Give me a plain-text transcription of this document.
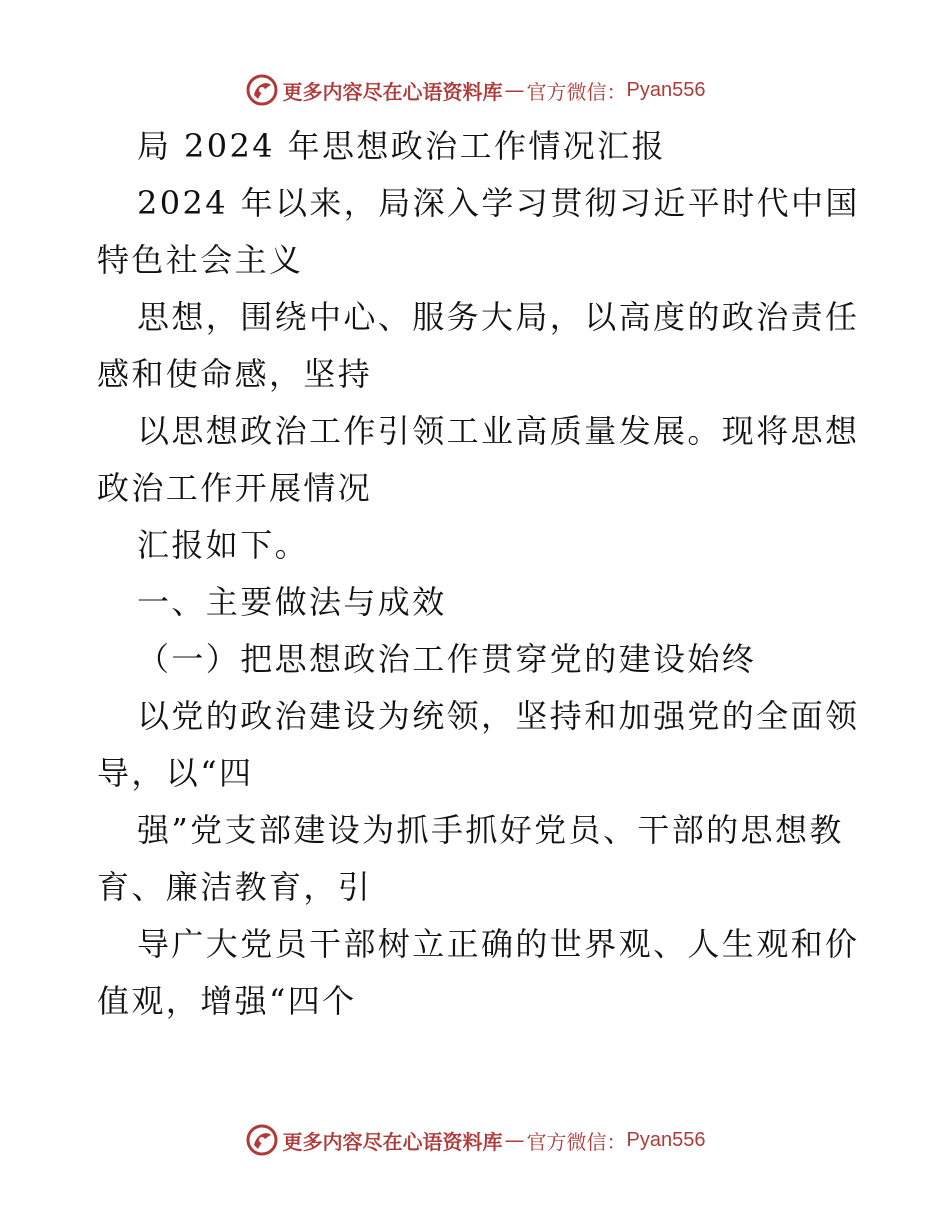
更多内容尽在心语资料库 — 官方微信： Pyan556
局 2024 年思想政治工作情况汇报
2024 年以来，局深入学习贯彻习近平时代中国
特色社会主义
思想，围绕中心、服务大局，以高度的政治责任
感和使命感，坚持
以思想政治工作引领工业高质量发展。现将思想
政治工作开展情况
汇报如下。
一、主要做法与成效
（一）把思想政治工作贯穿党的建设始终
以党的政治建设为统领，坚持和加强党的全面领
导，以“四
强”党支部建设为抓手抓好党员、干部的思想教
育、廉洁教育，引
导广大党员干部树立正确的世界观、人生观和价
值观，增强“四个
更多内容尽在心语资料库 — 官方微信： Pyan556
